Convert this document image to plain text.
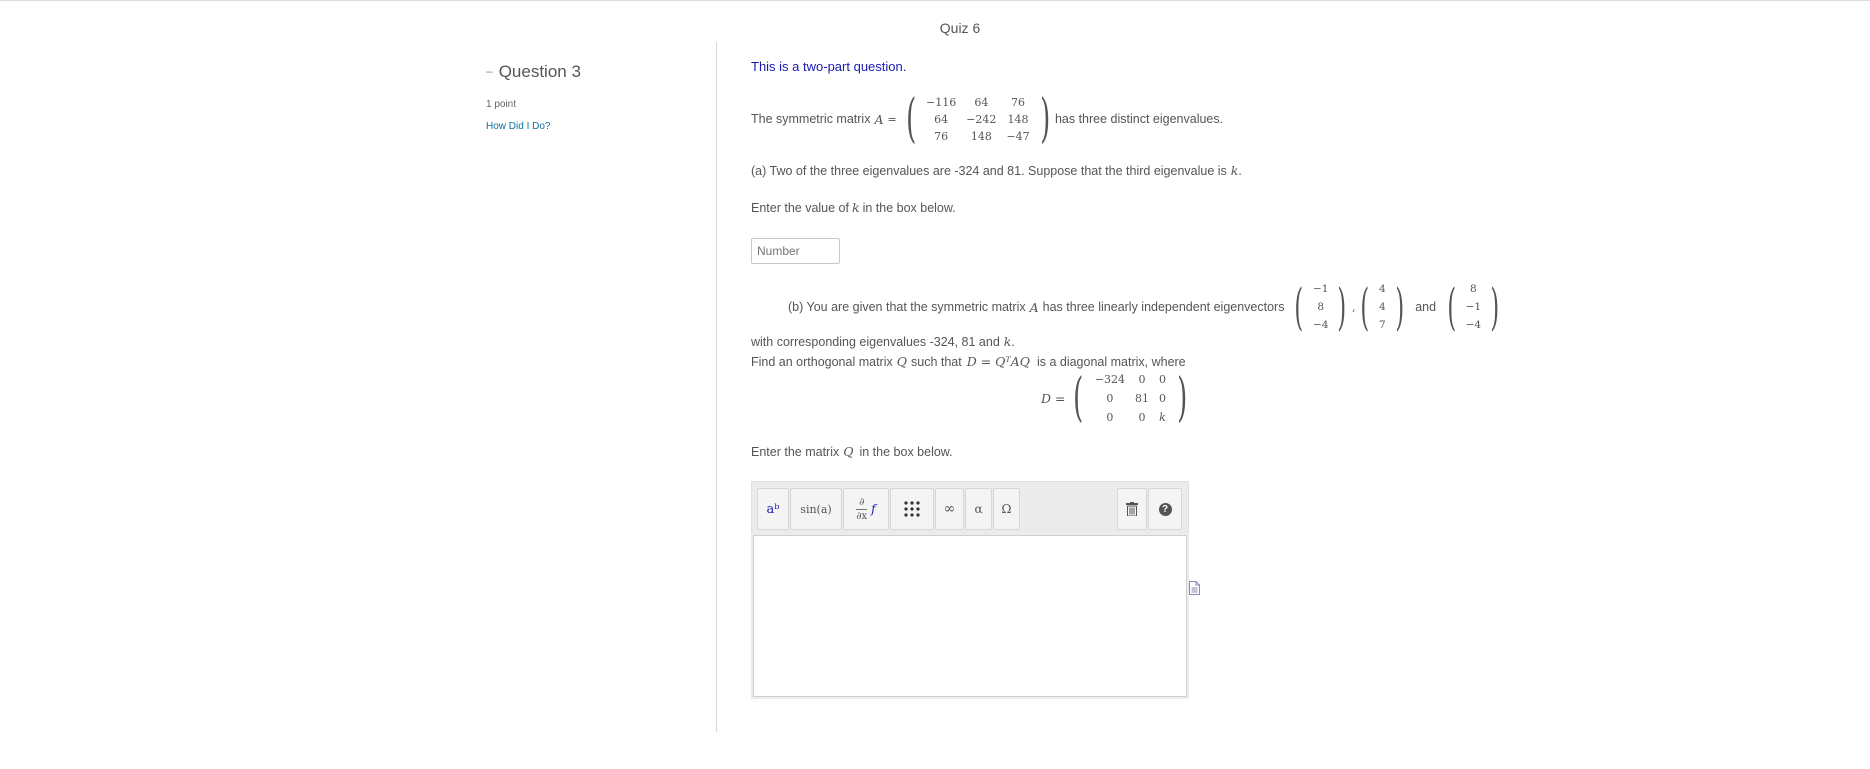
Quiz 6
– Question 3
1 point
How Did I Do?
This is a two-part question.
The symmetric matrix A = ( −116	64	76
64	−242	148
76	148	−47 ) has three distinct eigenvalues.
(a) Two of the three eigenvalues are -324 and 81. Suppose that the third eigenvalue is k .
Enter the value of k in the box below.
Number
(b) You are given that the symmetric matrix A has three linearly independent eigenvectors ( −1
8
−4 ) , ( 4
4
7 ) and (	8
−1
−4 )
with corresponding eigenvalues -324, 81 and k .
Find an orthogonal matrix Q such that D = QᵀAQ is a diagonal matrix, where
D = ( −324	0	0
0	81	0
0	0	k )
Enter the matrix Q in the box below.
aᵇ	sin(a)
∂
∂x f	∞	α	Ω	?
